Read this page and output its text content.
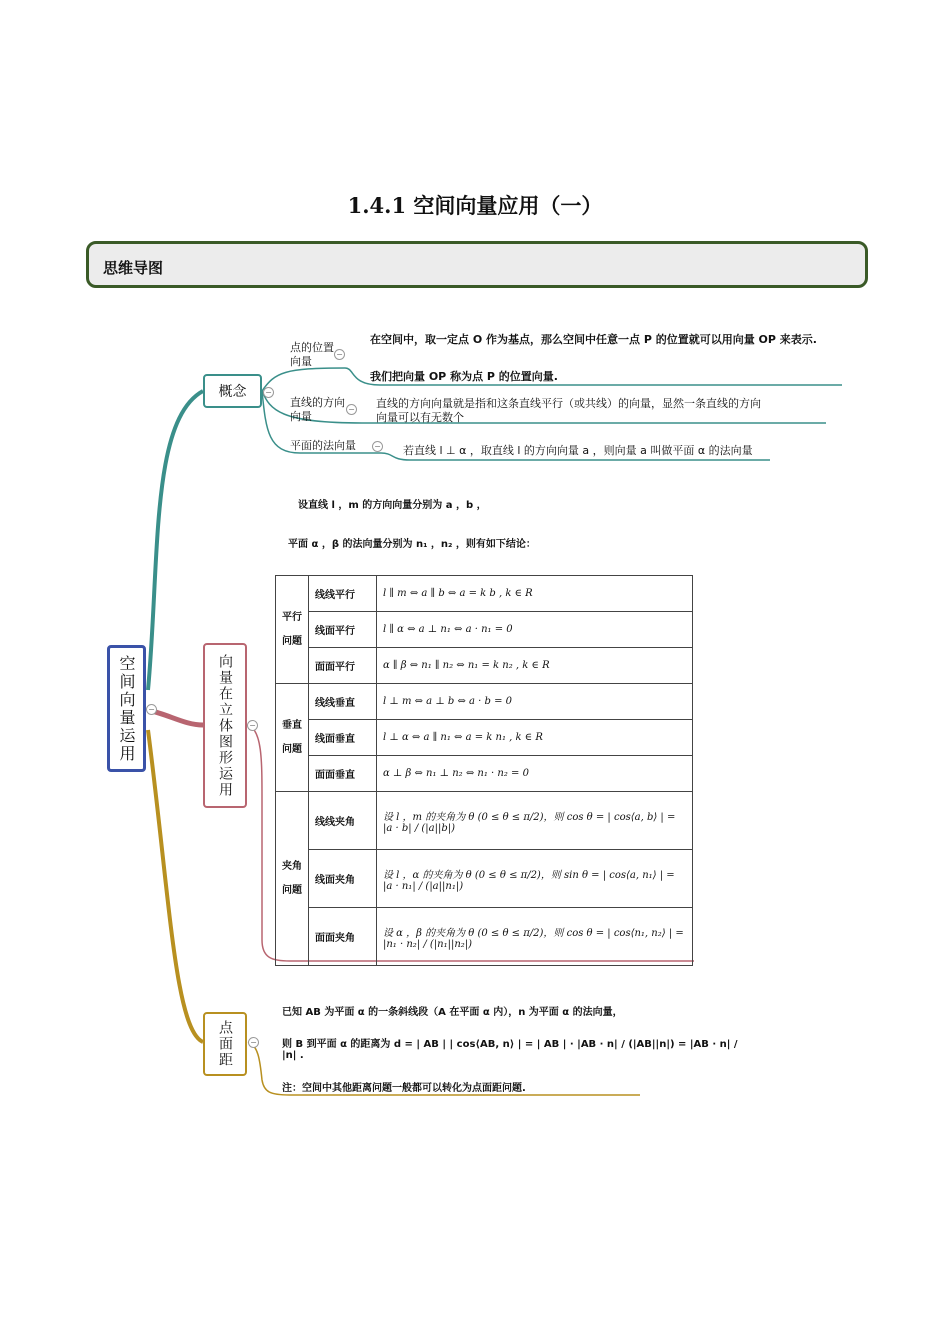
1.4.1 空间向量应用（一）
思维导图
空间向量运用 −
概念 −
点的位置向量
−
在空间中，取一定点 O 作为基点，那么空间中任意一点 P 的位置就可以用向量 OP 来表示.
我们把向量 OP 称为点 P 的位置向量.
直线的方向向量
− 直线的方向向量就是指和这条直线平行（或共线）的向量，显然一条直线的方向
向量可以有无数个
平面的法向量	− 若直线 l ⊥ α ，取直线 l 的方向向量 a ，则向量 a 叫做平面 α 的法向量
向量在立体图形运用 −
设直线 l ，m 的方向向量分别为 a ，b ，
平面 α ，β 的法向量分别为 n₁ ，n₂ ，则有如下结论：
平行问题	线线平行	l ∥ m ⇔ a ∥ b ⇔ a = k b , k ∈ R
	线面平行	l ∥ α ⇔ a ⊥ n₁ ⇔ a · n₁ = 0
	面面平行	α ∥ β ⇔ n₁ ∥ n₂ ⇔ n₁ = k n₂ , k ∈ R
垂直问题	线线垂直	l ⊥ m ⇔ a ⊥ b ⇔ a · b = 0
	线面垂直	l ⊥ α ⇔ a ∥ n₁ ⇔ a = k n₁ , k ∈ R
	面面垂直	α ⊥ β ⇔ n₁ ⊥ n₂ ⇔ n₁ · n₂ = 0
夹角问题	线线夹角	设 l ，m 的夹角为 θ (0 ≤ θ ≤ π/2)，则 cos θ = | cos⟨a, b⟩ | = |a · b| / (|a||b|)
	线面夹角	设 l ，α 的夹角为 θ (0 ≤ θ ≤ π/2)，则 sin θ = | cos⟨a, n₁⟩ | = |a · n₁| / (|a||n₁|)
	面面夹角	设 α ，β 的夹角为 θ (0 ≤ θ ≤ π/2)，则 cos θ = | cos⟨n₁, n₂⟩ | = |n₁ · n₂| / (|n₁||n₂|)
点面距 −
已知 AB 为平面 α 的一条斜线段（A 在平面 α 内），n 为平面 α 的法向量，
则 B 到平面 α 的距离为 d = | AB | | cos⟨AB, n⟩ | = | AB | · |AB · n| / (|AB||n|) = |AB · n| / |n| .
注：空间中其他距离问题一般都可以转化为点面距问题.
